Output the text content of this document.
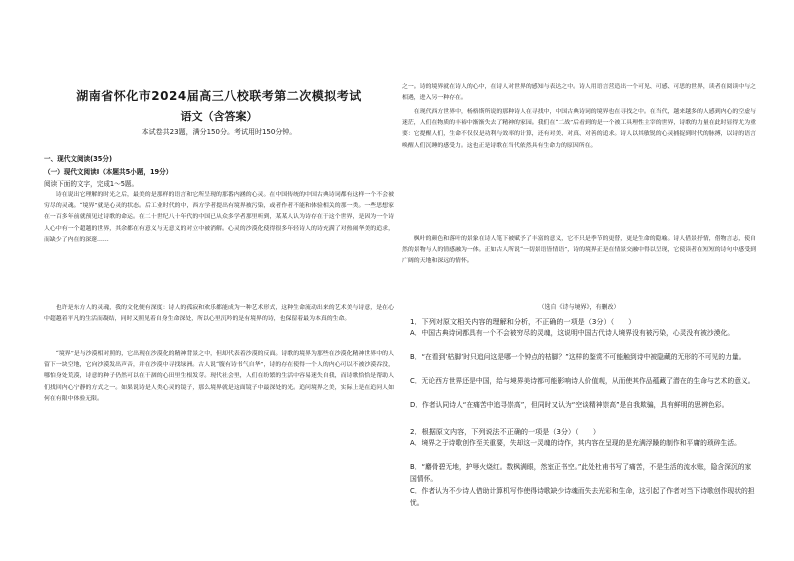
湖南省怀化市2024届高三八校联考第二次模拟考试
语文（含答案）
本试卷共23题，满分150分。考试用时150分钟。
一、现代文阅读(35分)
（一）现代文阅读Ⅰ（本题共5小题，19分）
阅读下面的文字，完成1～5题。

诗在说出它理解的时光之后，最美的是那样的语言和它所呈现的那番内涵的心灵。在中国传统的中国古典诗词都有这样一个不会被穷尽的灵魂。“境界”就是心灵的状态。后工业时代的中，西方学者提出有境界被污染，或者作者不能和体验相关的那一类。一些思想家在一百多年前就预见过诗歌的命运。在二十世纪八十年代的中国已从众多学者那里听到，某某人认为诗存在于这个世界，是因为一个诗人心中有一个超越的世界，其余都在有意义与无意义的对立中被消解。心灵的沙漠化使得很多年轻诗人的诗充满了对热闹华美的追求，而缺少了内在的深邃……

也许是东方人的灵魂，我的文化便有深度：诗人的孤寂和欢乐都能成为一种艺术形式，这种生命流动出来的艺术美与诗意，是在心中超越着平凡的生活而凝结，同时又照见着自身生命深处，所以心里沉吟的是有境界的诗，也保留着最为本真的生命。

“境界”是与沙漠相对照的，它出现在沙漠化的精神背景之中，但却代表着沙漠的反面。诗歌的境界为那些在沙漠化精神世界中的人留下一块空地，它向沙漠发出声音，并在沙漠中寻找绿洲。古人说“腹有诗书气自华”，诗的存在使得一个人的内心可以不被沙漠吞没，哪怕身处荒漠，诗意的种子仍然可以在干涸的心田里生根发芽。现代社会里，人们在纷繁的生活中容易迷失自我，而诗歌恰恰是帮助人们找回内心宁静的方式之一。如果说诗是人类心灵的镜子，那么境界就是这面镜子中最深处的光。追问境界之美，实际上是在追问人如何在有限中体验无限。

之一。诗的境界就在诗人的心中，在诗人对世界的感知与表达之中。诗人用语言营造出一个可见、可感、可思的世界，读者在阅读中与之相遇，进入另一种存在。

在现代西方世界中，杨格斯所说的那种诗人在寻找中，中国古典诗词的境界也在寻找之中。在当代，越来越多的人感到内心的空虚与迷茫，人们在物质的丰裕中渐渐失去了精神的家园。我们在“二战”后看到的是一个被工具理性主宰的世界，诗歌的力量在此时显得尤为重要：它提醒人们，生命不仅仅是功利与效率的计算，还有对美、对真、对善的追求。诗人以其敏锐的心灵捕捉到时代的脉搏，以诗的语言唤醒人们沉睡的感受力。这也正是诗歌在当代依然具有生命力的原因所在。

枫叶的颜色和落叶的景象在诗人笔下被赋予了丰富的意义，它不只是季节的更替，更是生命的隐喻。诗人借景抒情，借物言志，使自然的景物与人的情感融为一体。正如古人所说“一切景语皆情语”，诗的境界正是在情景交融中得以呈现，它使读者在短短的诗句中感受到广阔的天地和深远的情怀。

（选自《诗与境界》，有删改）

1．下列对原文相关内容的理解和分析，不正确的一项是（3分）（　　）

A．中国古典诗词都具有一个不会被穷尽的灵魂，这说明中国古代诗人境界没有被污染，心灵没有被沙漠化。

B．“在看到‘枯脚’时只追问这是哪一个钟点的枯脚？”这样的鉴赏不可能触到诗中被隐藏的无形的不可见的力量。

C．无论西方世界还是中国，给与境界美诗都可能影响诗人价值观，从而使其作品蕴藏了潜在的生命与艺术的意义。

D．作者认同诗人“在痛苦中追寻崇高”，但同时又认为“空谈精神崇高”是自我欺骗，具有鲜明的思辨色彩。

2．根据原文内容，下列说法不正确的一项是（3分）（　　）

A．境界之于诗歌创作至关重要，失却这一灵魂的诗作，其内容在呈现的是充满浮躁的制作和平庸的琐碎生活。

B．“麝骨碧无地，护辱火烧红。数枫满眼，然室正书空。”此处杜甫书写了痛苦，不是生活的流水账，隐含深沉的家国情怀。

C．作者认为不少诗人借助计算机写作使得诗歌缺少诗魂而失去光彩和生命，这引起了作者对当下诗歌创作现状的担忧。
